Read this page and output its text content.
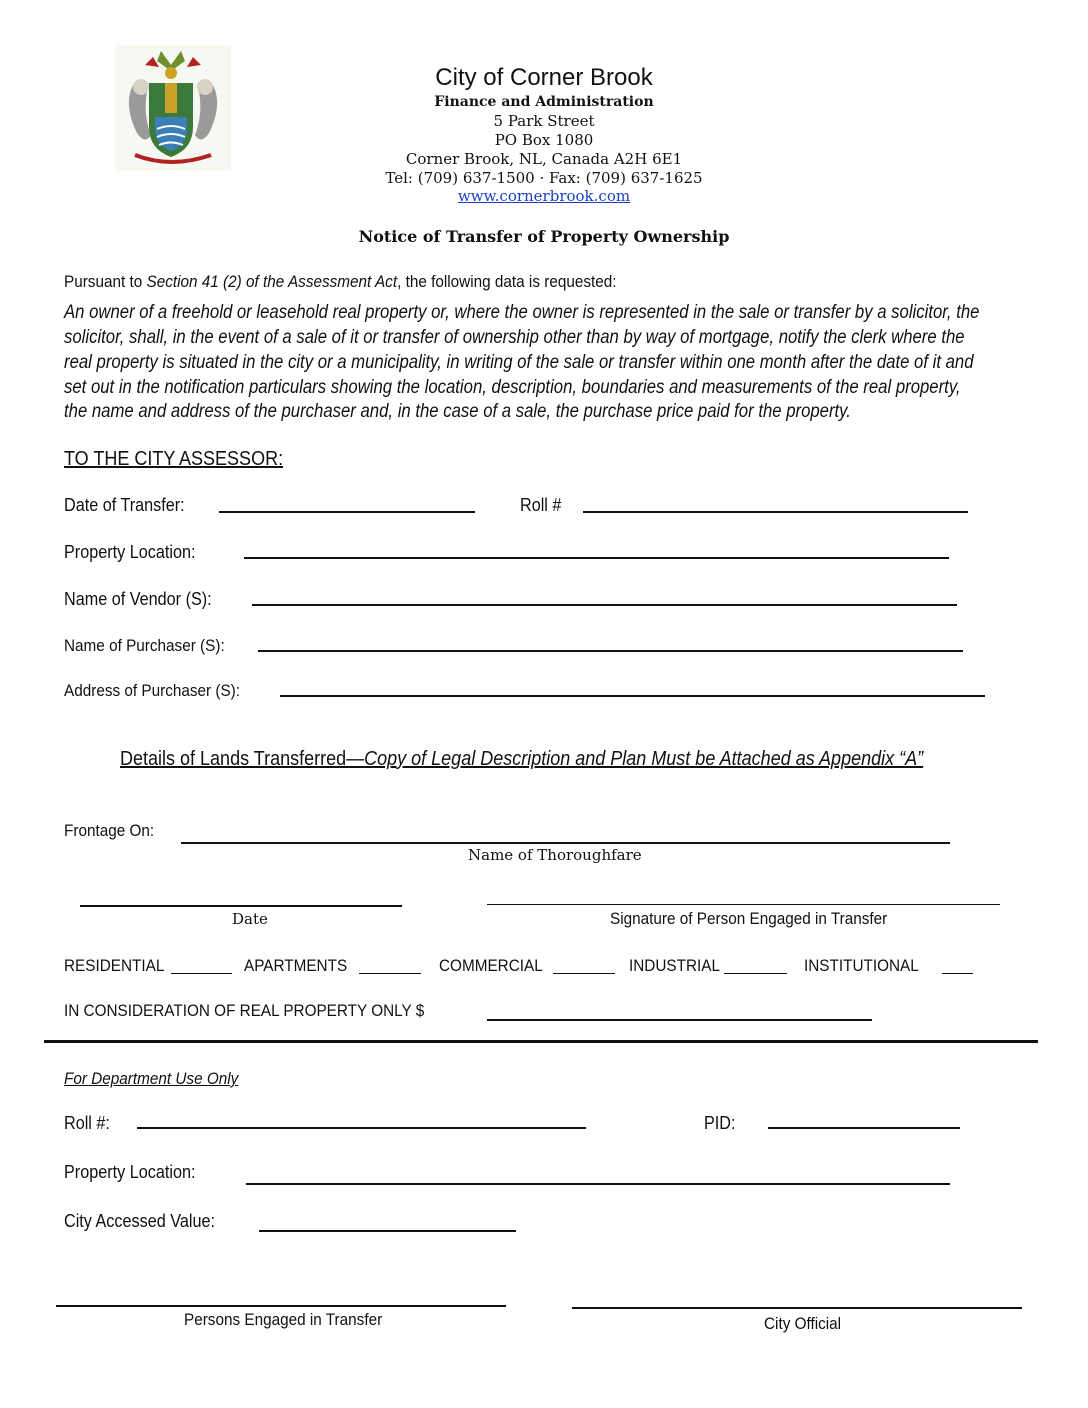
City of Corner Brook
Finance and Administration
5 Park Street
PO Box 1080
Corner Brook, NL, Canada A2H 6E1
Tel: (709) 637-1500 · Fax: (709) 637-1625
www.cornerbrook.com
Notice of Transfer of Property Ownership
Pursuant to Section 41 (2) of the Assessment Act, the following data is requested:
An owner of a freehold or leasehold real property or, where the owner is represented in the sale or transfer by a solicitor, the
solicitor, shall, in the event of a sale of it or transfer of ownership other than by way of mortgage, notify the clerk where the
real property is situated in the city or a municipality, in writing of the sale or transfer within one month after the date of it and
set out in the notification particulars showing the location, description, boundaries and measurements of the real property,
the name and address of the purchaser and, in the case of a sale, the purchase price paid for the property.
TO THE CITY ASSESSOR:
Date of Transfer:	Roll #
Property Location:
Name of Vendor (S):
Name of Purchaser (S):
Address of Purchaser (S):
Details of Lands Transferred—Copy of Legal Description and Plan Must be Attached as Appendix “A”
Frontage On:
Name of Thoroughfare
Date	Signature of Person Engaged in Transfer
RESIDENTIAL	APARTMENTS	COMMERCIAL	INDUSTRIAL	INSTITUTIONAL
IN CONSIDERATION OF REAL PROPERTY ONLY $
For Department Use Only
Roll #:	PID:
Property Location:
City Accessed Value:
Persons Engaged in Transfer	City Official
